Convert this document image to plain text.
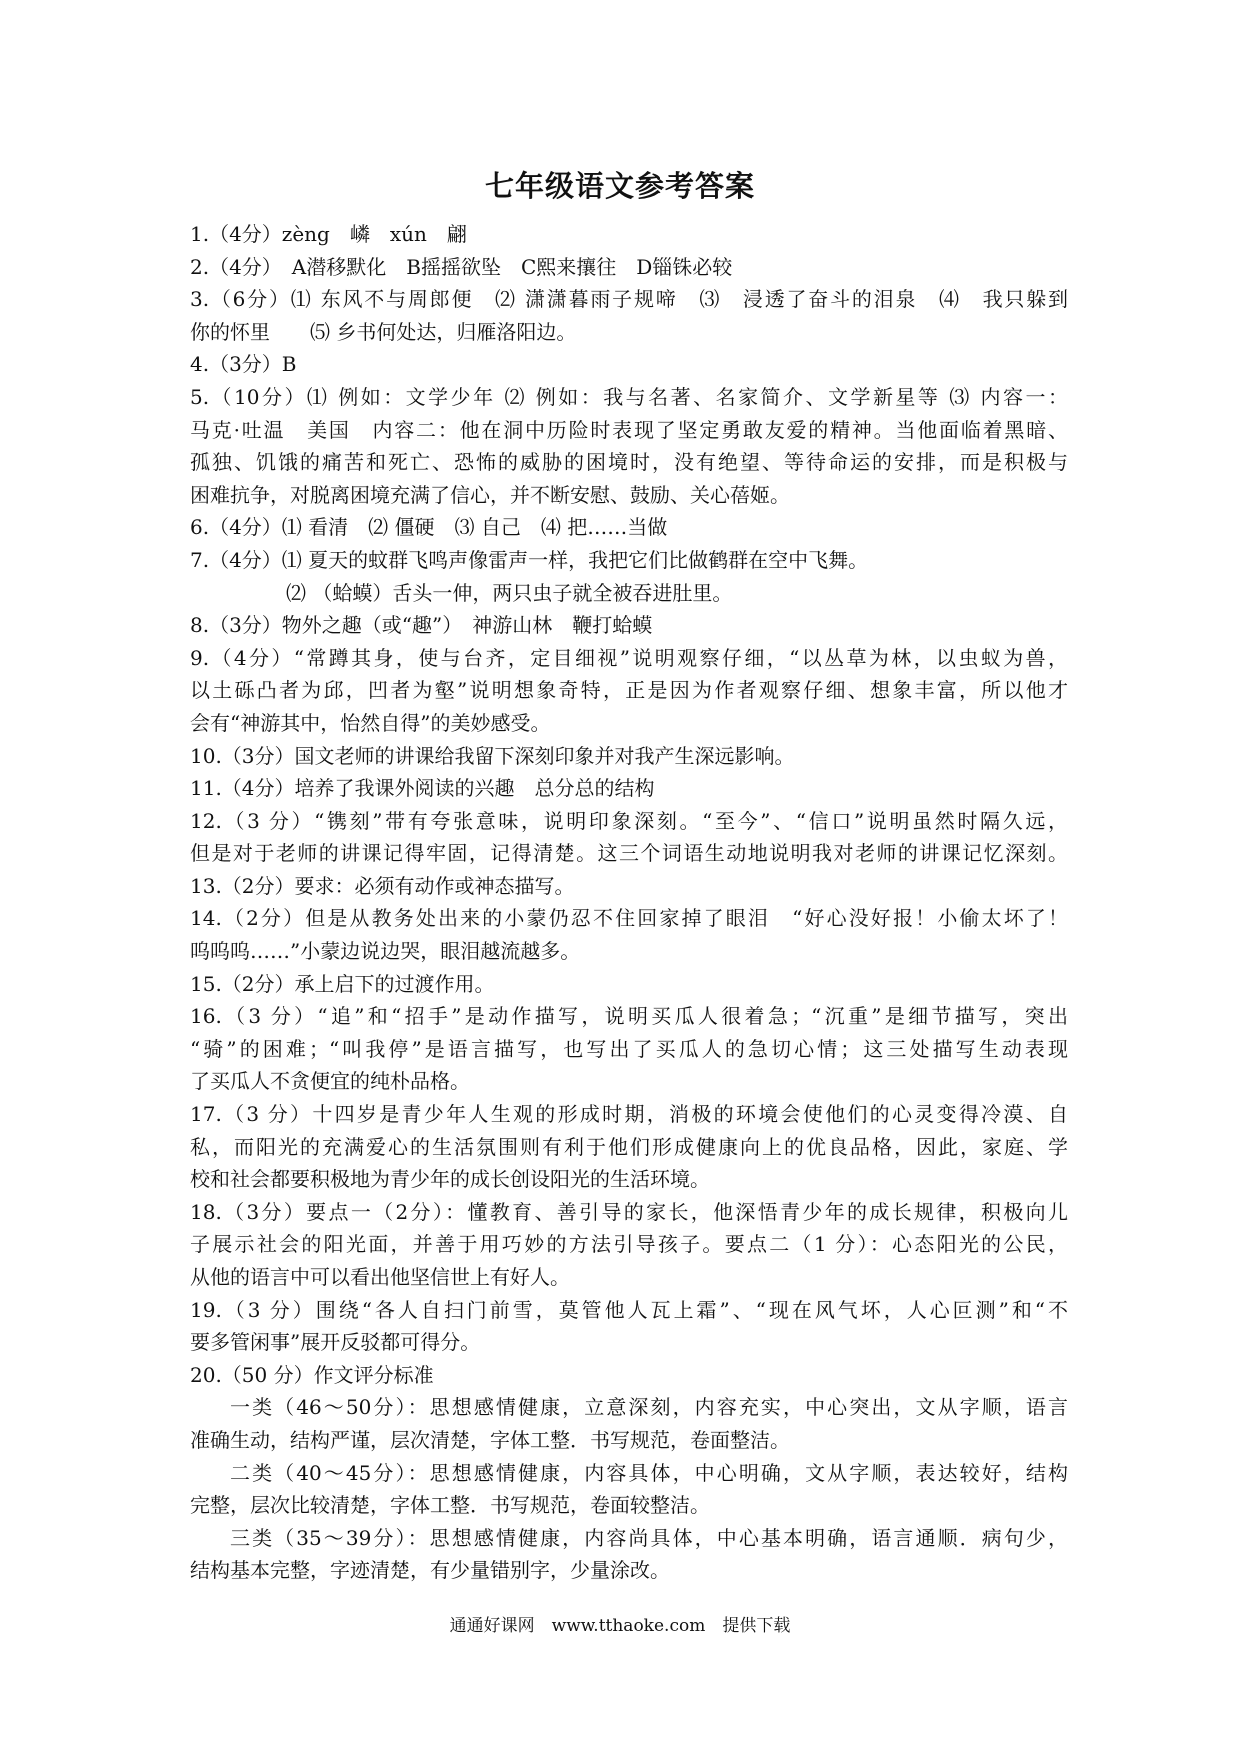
七年级语文参考答案
1.（4分）zèng　嶙　xún　翩
2.（4分）　A潜移默化　B摇摇欲坠　C熙来攘往　D锱铢必较
3.（6分）⑴ 东风不与周郎便　⑵ 潇潇暮雨子规啼　⑶　浸透了奋斗的泪泉　⑷　我只躲到
你的怀里　　⑸ 乡书何处达，归雁洛阳边。
4.（3分）B
5.（10分）⑴ 例如：文学少年 ⑵ 例如：我与名著、名家简介、文学新星等 ⑶ 内容一：
马克·吐温　美国　内容二：他在洞中历险时表现了坚定勇敢友爱的精神。当他面临着黑暗、
孤独、饥饿的痛苦和死亡、恐怖的威胁的困境时，没有绝望、等待命运的安排，而是积极与
困难抗争，对脱离困境充满了信心，并不断安慰、鼓励、关心蓓姬。
6.（4分）⑴ 看清　⑵ 僵硬　⑶ 自己　⑷ 把……当做
7.（4分）⑴ 夏天的蚊群飞鸣声像雷声一样，我把它们比做鹤群在空中飞舞。
⑵ （蛤蟆）舌头一伸，两只虫子就全被吞进肚里。
8.（3分）物外之趣（或“趣”）　神游山林　鞭打蛤蟆
9.（4分）“常蹲其身，使与台齐，定目细视”说明观察仔细，“以丛草为林，以虫蚁为兽，
以土砾凸者为邱，凹者为壑”说明想象奇特，正是因为作者观察仔细、想象丰富，所以他才
会有“神游其中，怡然自得”的美妙感受。
10.（3分）国文老师的讲课给我留下深刻印象并对我产生深远影响。
11.（4分）培养了我课外阅读的兴趣　总分总的结构
12.（3 分）“镌刻”带有夸张意味，说明印象深刻。“至今”、“信口”说明虽然时隔久远，
但是对于老师的讲课记得牢固，记得清楚。这三个词语生动地说明我对老师的讲课记忆深刻。
13.（2分）要求：必须有动作或神态描写。
14.（2分）但是从教务处出来的小蒙仍忍不住回家掉了眼泪　“好心没好报！小偷太坏了！
呜呜呜……”小蒙边说边哭，眼泪越流越多。
15.（2分）承上启下的过渡作用。
16.（3 分）“追”和“招手”是动作描写，说明买瓜人很着急；“沉重”是细节描写，突出
“骑”的困难；“叫我停”是语言描写，也写出了买瓜人的急切心情；这三处描写生动表现
了买瓜人不贪便宜的纯朴品格。
17.（3 分）十四岁是青少年人生观的形成时期，消极的环境会使他们的心灵变得冷漠、自
私，而阳光的充满爱心的生活氛围则有利于他们形成健康向上的优良品格，因此，家庭、学
校和社会都要积极地为青少年的成长创设阳光的生活环境。
18.（3分）要点一（2分）：懂教育、善引导的家长，他深悟青少年的成长规律，积极向儿
子展示社会的阳光面，并善于用巧妙的方法引导孩子。要点二（1 分）：心态阳光的公民，
从他的语言中可以看出他坚信世上有好人。
19.（3 分）围绕“各人自扫门前雪，莫管他人瓦上霜”、“现在风气坏，人心叵测”和“不
要多管闲事”展开反驳都可得分。
20.（50 分）作文评分标准
一类（46～50分）：思想感情健康，立意深刻，内容充实，中心突出，文从字顺，语言
准确生动，结构严谨，层次清楚，字体工整．书写规范，卷面整洁。
二类（40～45分）：思想感情健康，内容具体，中心明确，文从字顺，表达较好，结构
完整，层次比较清楚，字体工整．书写规范，卷面较整洁。
三类（35～39分）：思想感情健康，内容尚具体，中心基本明确，语言通顺．病句少，
结构基本完整，字迹清楚，有少量错别字，少量涂改。
通通好课网　www.tthaoke.com　提供下载
